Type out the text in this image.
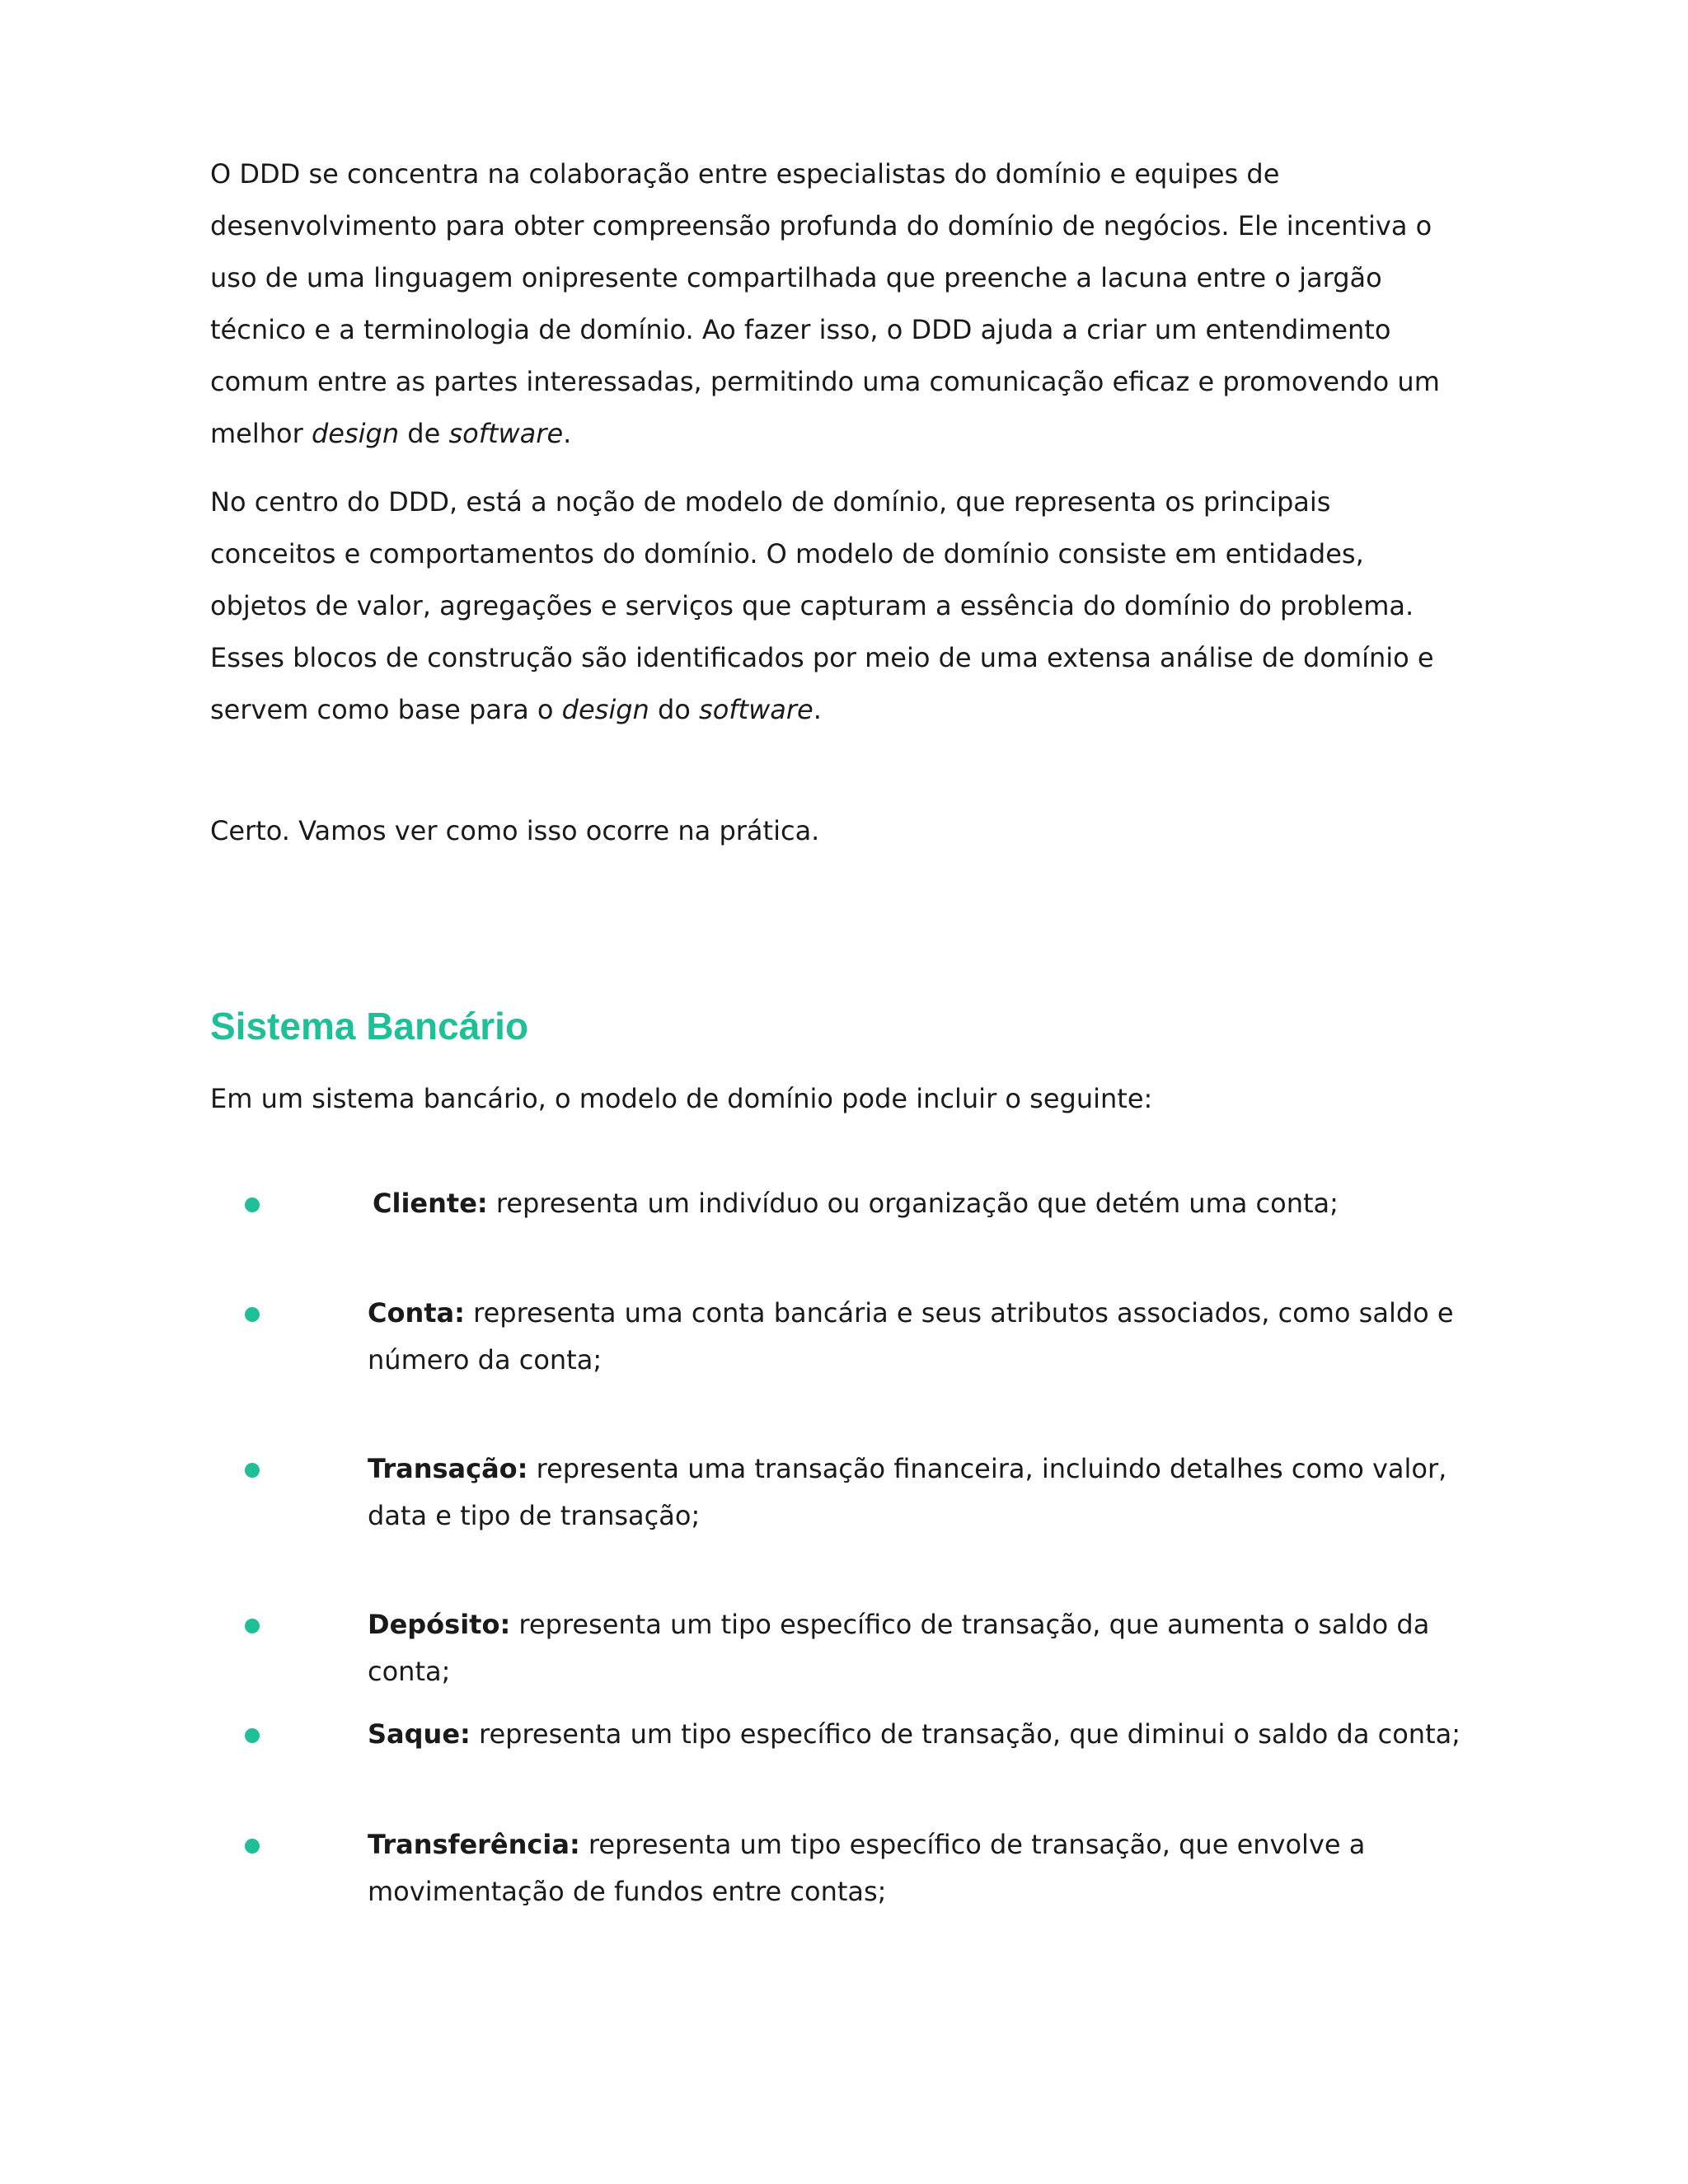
O DDD se concentra na colaboração entre especialistas do domínio e equipes de desenvolvimento para obter compreensão profunda do domínio de negócios. Ele incentiva o uso de uma linguagem onipresente compartilhada que preenche a lacuna entre o jargão técnico e a terminologia de domínio. Ao fazer isso, o DDD ajuda a criar um entendimento comum entre as partes interessadas, permitindo uma comunicação eficaz e promovendo um melhor design de software.

No centro do DDD, está a noção de modelo de domínio, que representa os principais conceitos e comportamentos do domínio. O modelo de domínio consiste em entidades, objetos de valor, agregações e serviços que capturam a essência do domínio do problema. Esses blocos de construção são identificados por meio de uma extensa análise de domínio e servem como base para o design do software.

Certo. Vamos ver como isso ocorre na prática.

Sistema Bancário

Em um sistema bancário, o modelo de domínio pode incluir o seguinte:

Cliente: representa um indivíduo ou organização que detém uma conta;

Conta: representa uma conta bancária e seus atributos associados, como saldo e número da conta;

Transação: representa uma transação financeira, incluindo detalhes como valor, data e tipo de transação;

Depósito: representa um tipo específico de transação, que aumenta o saldo da conta;

Saque: representa um tipo específico de transação, que diminui o saldo da conta;

Transferência: representa um tipo específico de transação, que envolve a movimentação de fundos entre contas;
